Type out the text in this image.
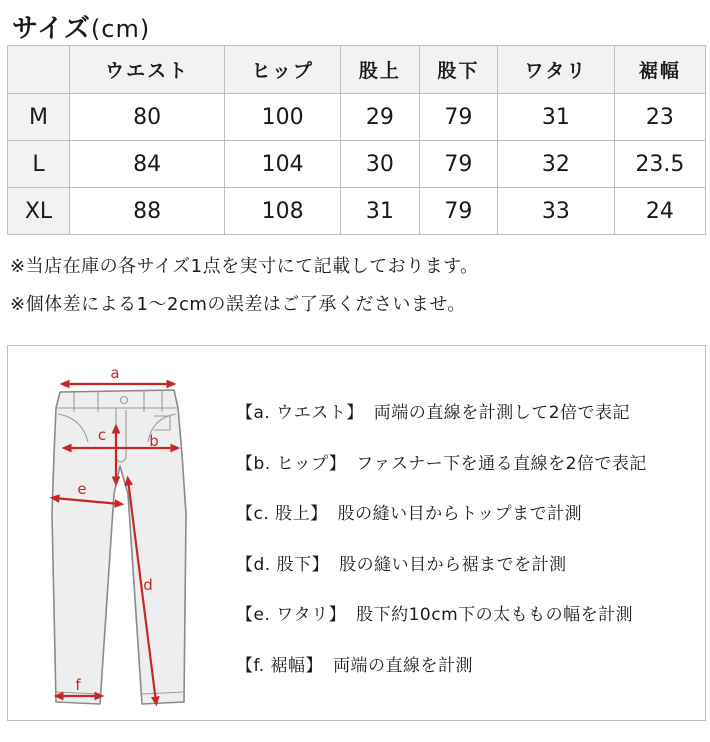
サイズ(cm)
	ウエスト	ヒップ	股上	股下	ワタリ	裾幅
M	80	100	29	79	31	23
L	84	104	30	79	32	23.5
XL	88	108	31	79	33	24
※当店在庫の各サイズ1点を実寸にて記載しております。
※個体差による1〜2cmの誤差はご了承くださいませ。
a
c	b
e
d
f
【a. ウエスト】 両端の直線を計測して2倍で表記
【b. ヒップ】 ファスナー下を通る直線を2倍で表記
【c. 股上】 股の縫い目からトップまで計測
【d. 股下】 股の縫い目から裾までを計測
【e. ワタリ】 股下約10cm下の太ももの幅を計測
【f. 裾幅】 両端の直線を計測
